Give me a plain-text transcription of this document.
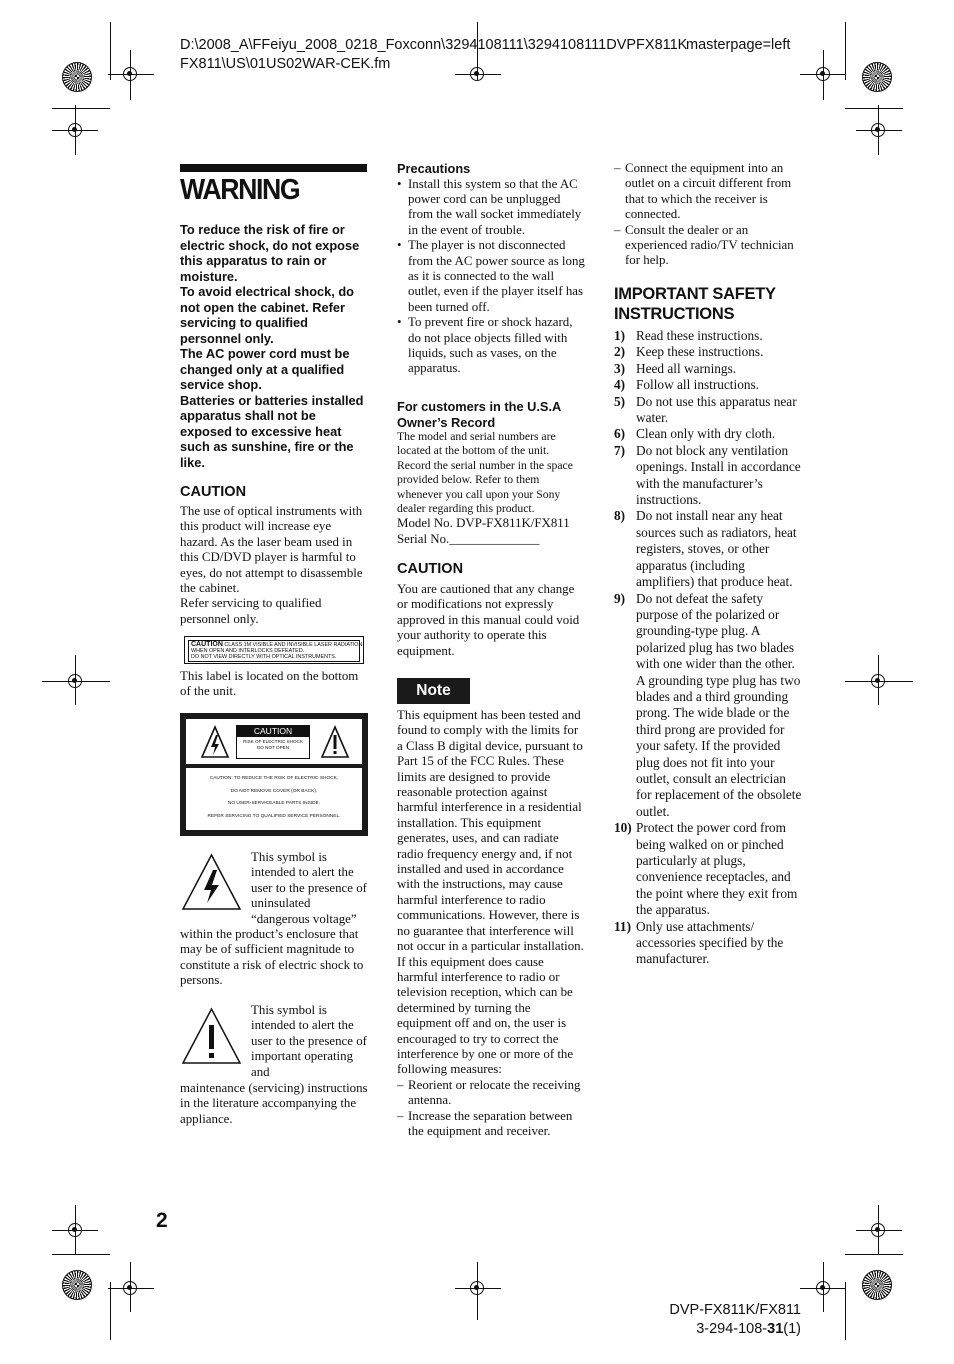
D:\2008_A\FFeiyu_2008_0218_Foxconn\3294108111\3294108111DVPFX811K
FX811\US\01US02WAR-CEK.fm
masterpage=left
WARNING

To reduce the risk of fire or electric shock, do not expose this apparatus to rain or moisture.

To avoid electrical shock, do not open the cabinet. Refer servicing to qualified personnel only.

The AC power cord must be changed only at a qualified service shop.

Batteries or batteries installed apparatus shall not be exposed to excessive heat such as sunshine, fire or the like.

CAUTION

The use of optical instruments with this product will increase eye hazard. As the laser beam used in this CD/DVD player is harmful to eyes, do not attempt to disassemble the cabinet.

Refer servicing to qualified personnel only.

CAUTION CLASS 1M VISIBLE AND INVISIBLE LASER RADIATION
WHEN OPEN AND INTERLOCKS DEFEATED.
DO NOT VIEW DIRECTLY WITH OPTICAL INSTRUMENTS.

This label is located on the bottom of the unit.

CAUTION
RISK OF ELECTRIC SHOCK
DO NOT OPEN
CAUTION: TO REDUCE THE RISK OF ELECTRIC SHOCK,
DO NOT REMOVE COVER (OR BACK).
NO USER-SERVICEABLE PARTS INSIDE.
REFER SERVICING TO QUALIFIED SERVICE PERSONNEL.

This symbol is intended to alert the user to the presence of uninsulated “dangerous voltage”

within the product’s enclosure that may be of sufficient magnitude to constitute a risk of electric shock to persons.

This symbol is intended to alert the user to the presence of important operating and

maintenance (servicing) instructions in the literature accompanying the appliance.

Precautions

• Install this system so that the AC power cord can be unplugged from the wall socket immediately in the event of trouble.
• The player is not disconnected from the AC power source as long as it is connected to the wall outlet, even if the player itself has been turned off.
• To prevent fire or shock hazard, do not place objects filled with liquids, such as vases, on the apparatus.

For customers in the U.S.A

Owner’s Record

The model and serial numbers are located at the bottom of the unit. Record the serial number in the space provided below. Refer to them whenever you call upon your Sony dealer regarding this product.

Model No. DVP-FX811K/FX811

Serial No.______________

CAUTION

You are cautioned that any change or modifications not expressly approved in this manual could void your authority to operate this equipment.

Note

This equipment has been tested and found to comply with the limits for a Class B digital device, pursuant to Part 15 of the FCC Rules. These limits are designed to provide reasonable protection against harmful interference in a residential installation. This equipment generates, uses, and can radiate radio frequency energy and, if not installed and used in accordance with the instructions, may cause harmful interference to radio communications. However, there is no guarantee that interference will not occur in a particular installation. If this equipment does cause harmful interference to radio or television reception, which can be determined by turning the equipment off and on, the user is encouraged to try to correct the interference by one or more of the following measures:

– Reorient or relocate the receiving antenna.
– Increase the separation between the equipment and receiver.
– Connect the equipment into an outlet on a circuit different from that to which the receiver is connected.
– Consult the dealer or an experienced radio/TV technician for help.
IMPORTANT SAFETY
INSTRUCTIONS
1) Read these instructions.
2) Keep these instructions.
3) Heed all warnings.
4) Follow all instructions.
5) Do not use this apparatus near water.
6) Clean only with dry cloth.
7) Do not block any ventilation openings. Install in accordance with the manufacturer’s instructions.
8) Do not install near any heat sources such as radiators, heat registers, stoves, or other apparatus (including amplifiers) that produce heat.
9) Do not defeat the safety purpose of the polarized or grounding-type plug. A polarized plug has two blades with one wider than the other. A grounding type plug has two blades and a third grounding prong. The wide blade or the third prong are provided for your safety. If the provided plug does not fit into your outlet, consult an electrician for replacement of the obsolete outlet.
10) Protect the power cord from being walked on or pinched particularly at plugs, convenience receptacles, and the point where they exit from the apparatus.
11) Only use attachments/ accessories specified by the manufacturer.
2
DVP-FX811K/FX811
3-294-108-31(1)
